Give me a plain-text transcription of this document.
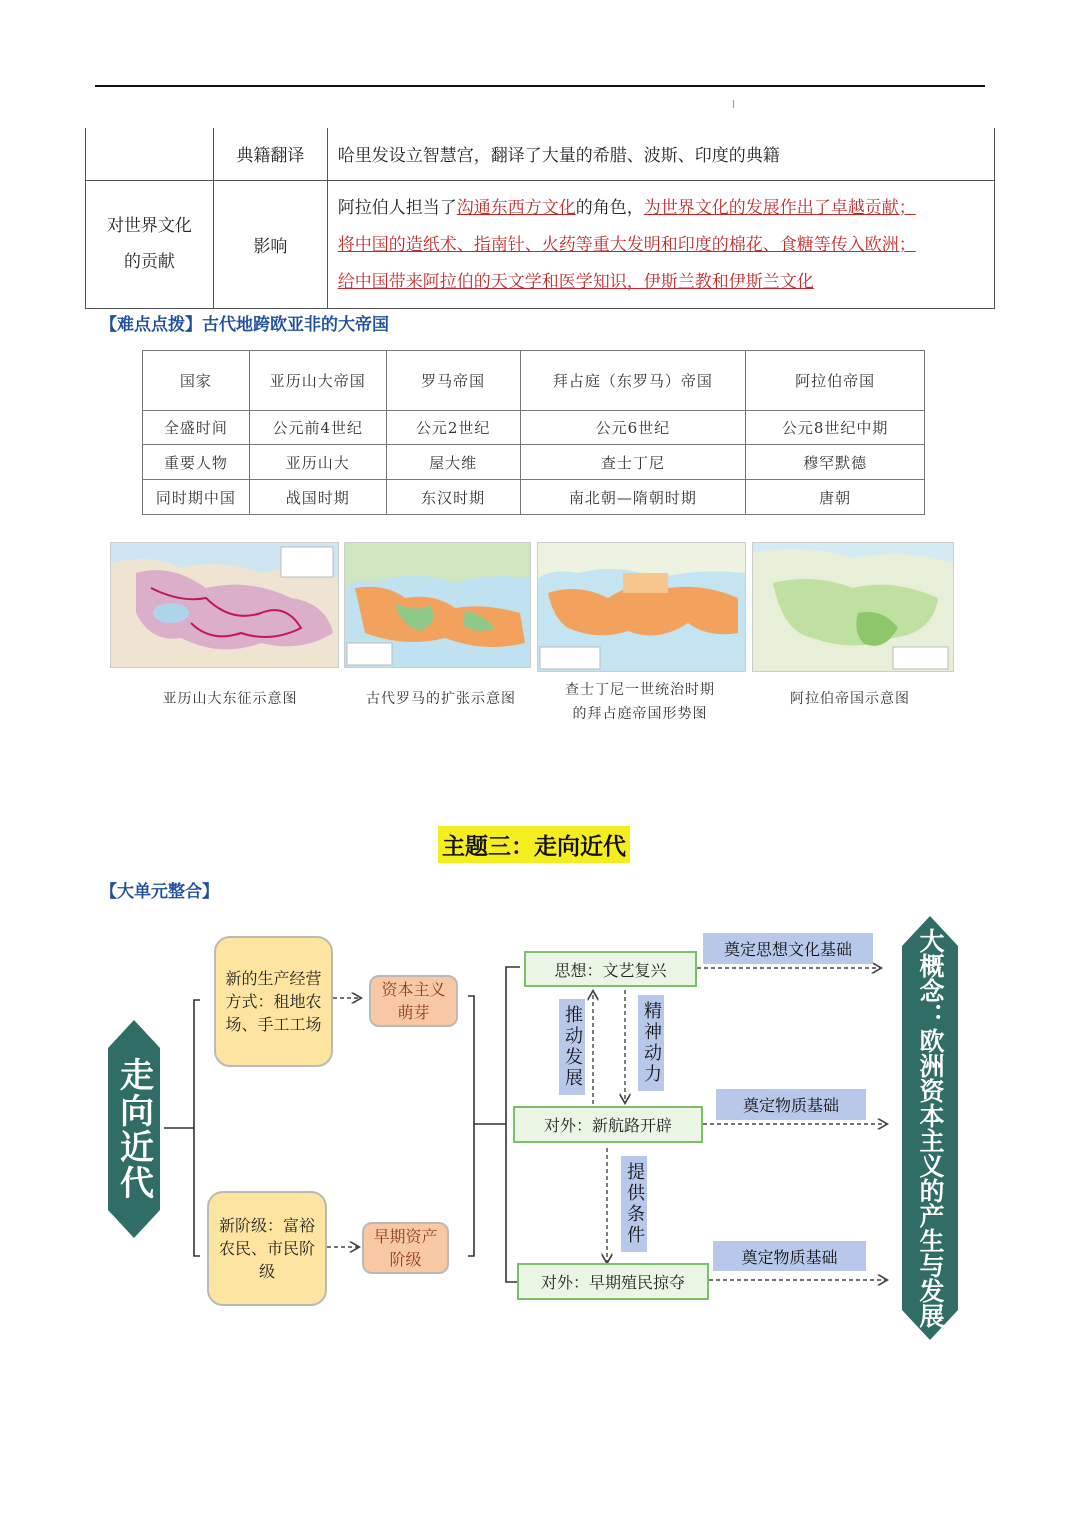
	典籍翻译	哈里发设立智慧宫，翻译了大量的希腊、波斯、印度的典籍
对世界文化的贡献	影响	阿拉伯人担当了沟通东西方文化的角色，为世界文化的发展作出了卓越贡献；
将中国的造纸术、指南针、火药等重大发明和印度的棉花、食糖等传入欧洲；
给中国带来阿拉伯的天文学和医学知识，伊斯兰教和伊斯兰文化
【难点点拨】古代地跨欧亚非的大帝国
国家	亚历山大帝国	罗马帝国	拜占庭（东罗马）帝国	阿拉伯帝国
全盛时间	公元前4世纪	公元2世纪	公元6世纪	公元8世纪中期
重要人物	亚历山大	屋大维	查士丁尼	穆罕默德
同时期中国	战国时期	东汉时期	南北朝—隋朝时期	唐朝
亚历山大东征示意图	古代罗马的扩张示意图
查士丁尼一世统治时期
的拜占庭帝国形势图
阿拉伯帝国示意图
主题三：走向近代
【大单元整合】
走向近代
新的生产经营方式：租地农场、手工工场
资本主义萌芽
新阶级：富裕农民、市民阶级
早期资产阶级
思想：文艺复兴
对外：新航路开辟
对外：早期殖民掠夺
推动发展	精神动力
提供条件
奠定思想文化基础
奠定物质基础
奠定物质基础	大概念：欧洲资本主义的产生与发展
